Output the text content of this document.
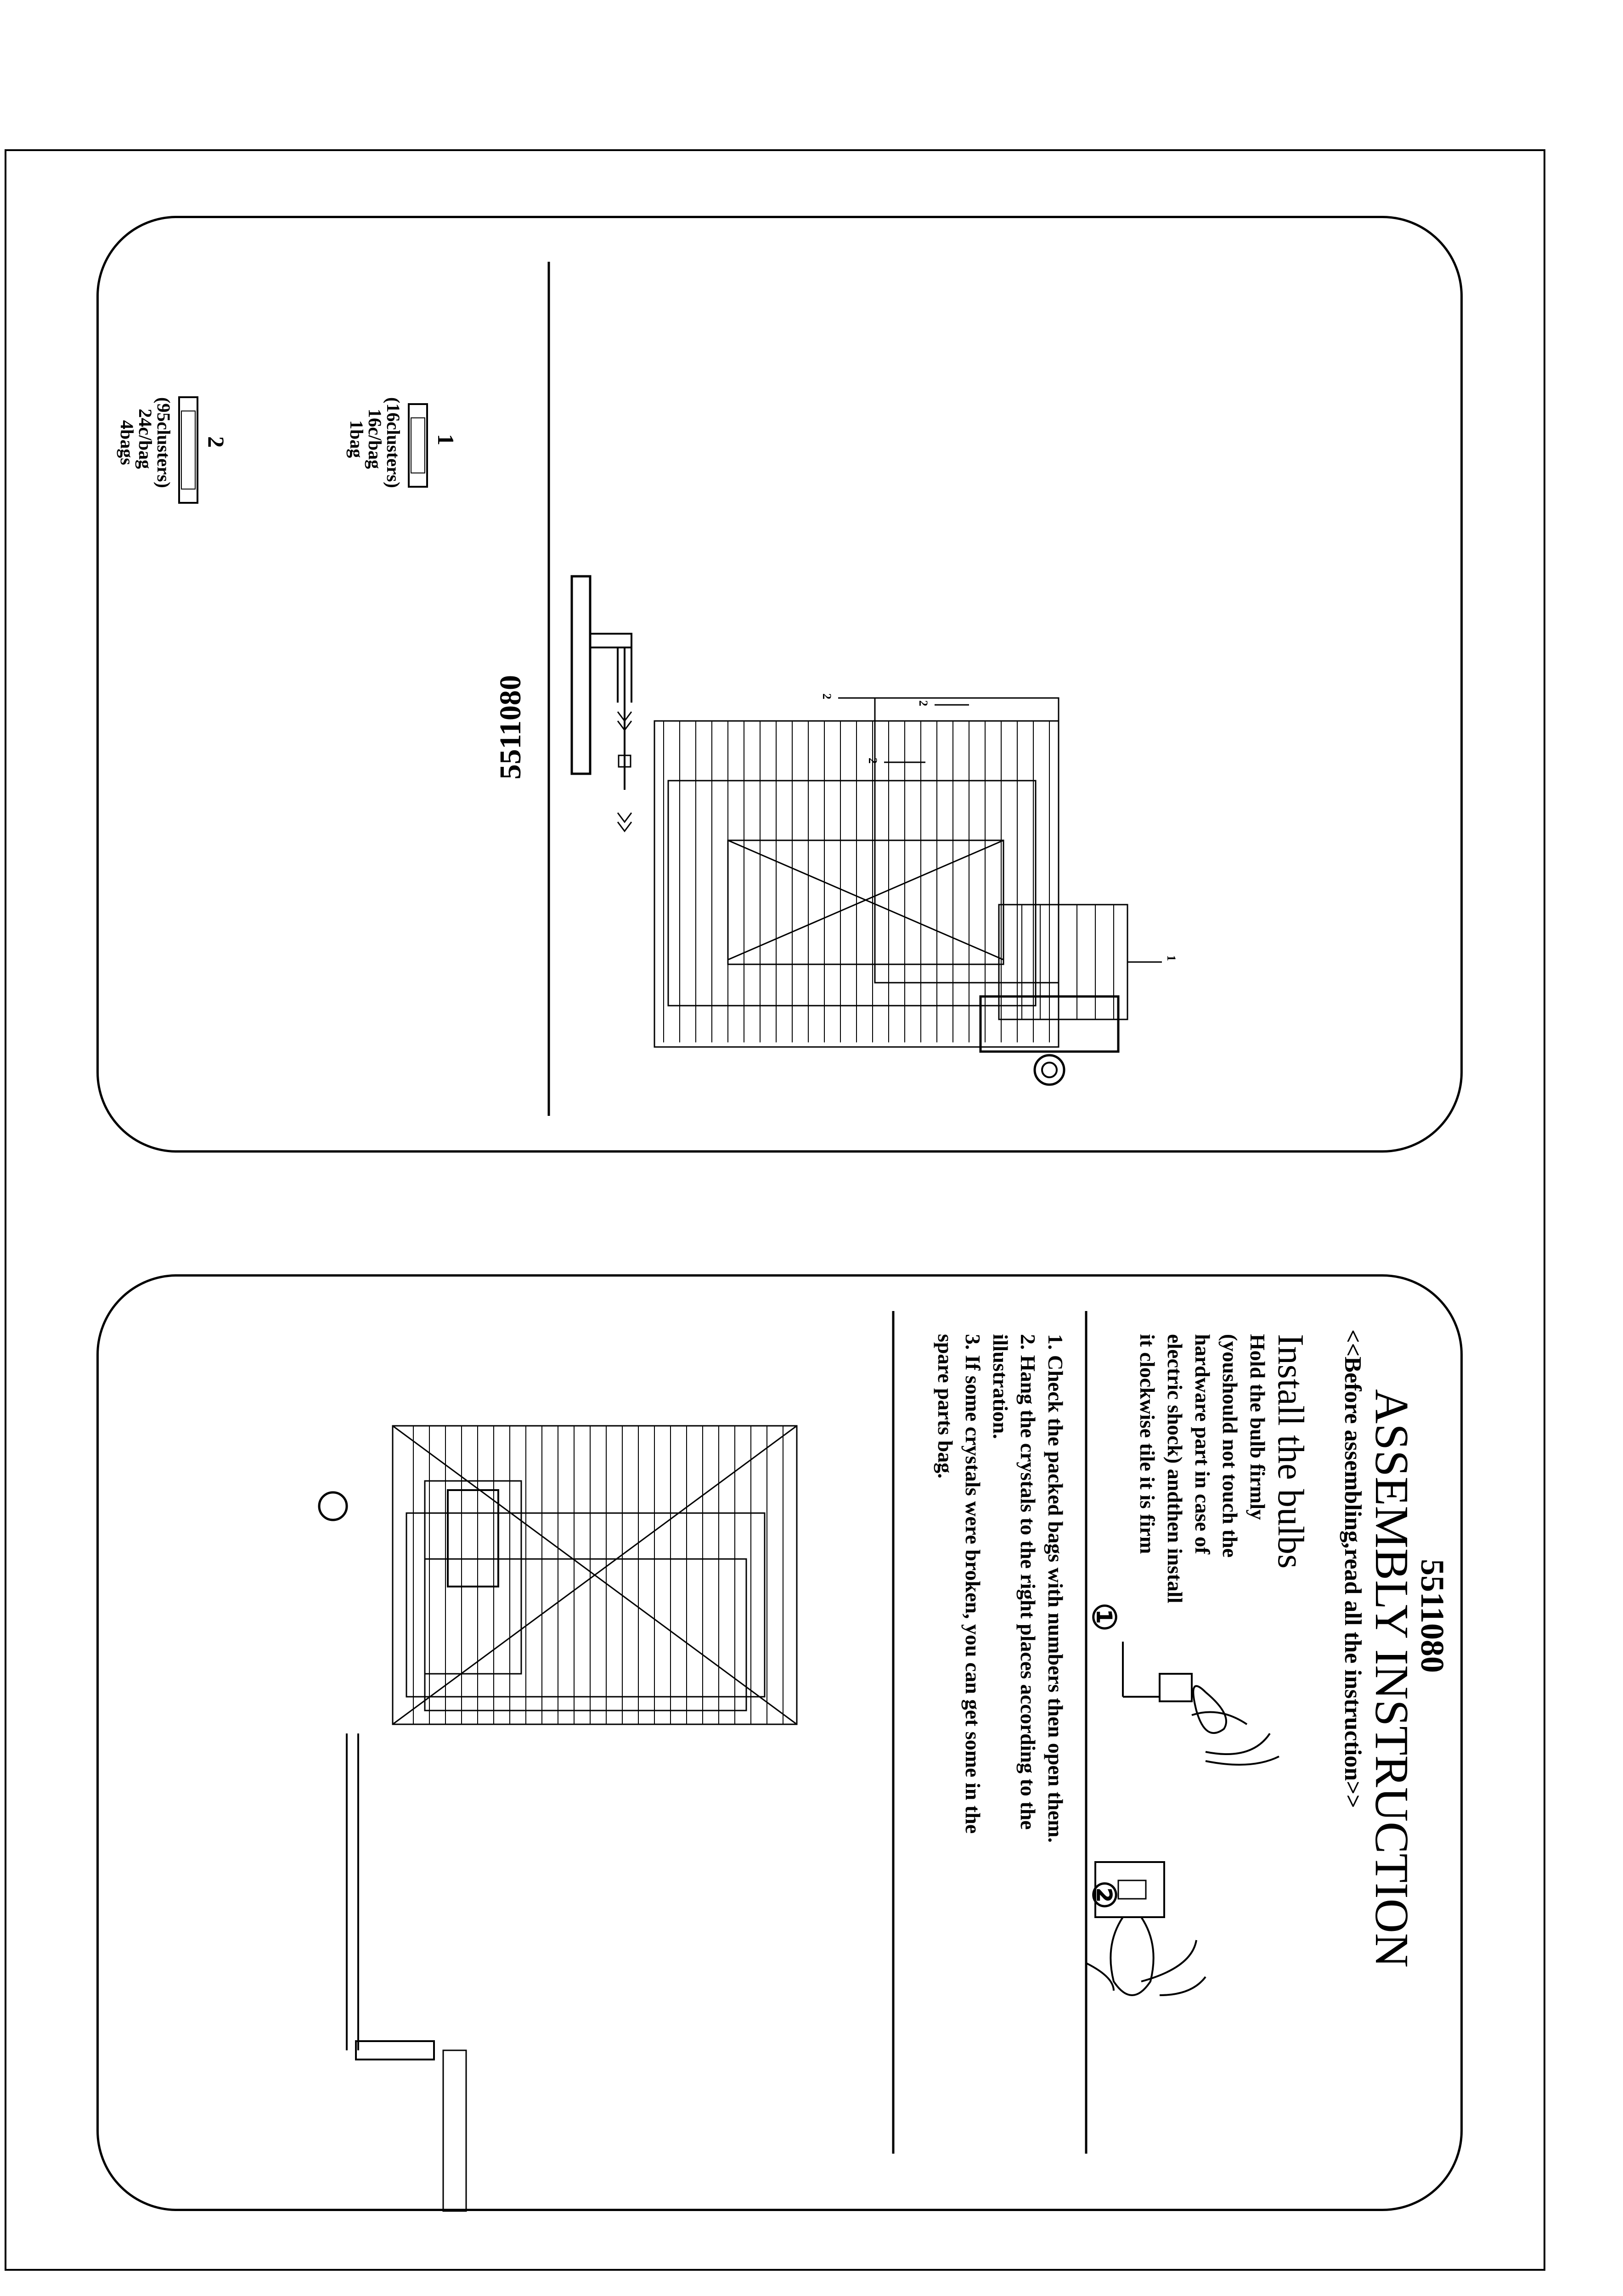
1
2
2
2
5511080
1
(16clusters)
16c/bag
1bag
2
(95clusters)
24c/bag
4bags
5511080
ASSEMBLY INSTRUCTION
<<Before assembling,read all the instruction>>
Install the bulbs
Hold the bulb firmly
(youshould not touch the
hardware part in case of
electric shock) andthen install
it clockwise tile it is firm
①
②
1. Check the packed bags with numbers then open them.
2. Hang the crystals to the right places according to the
illustration.
3. If some crystals were broken, you can get some in the
spare parts bag.
